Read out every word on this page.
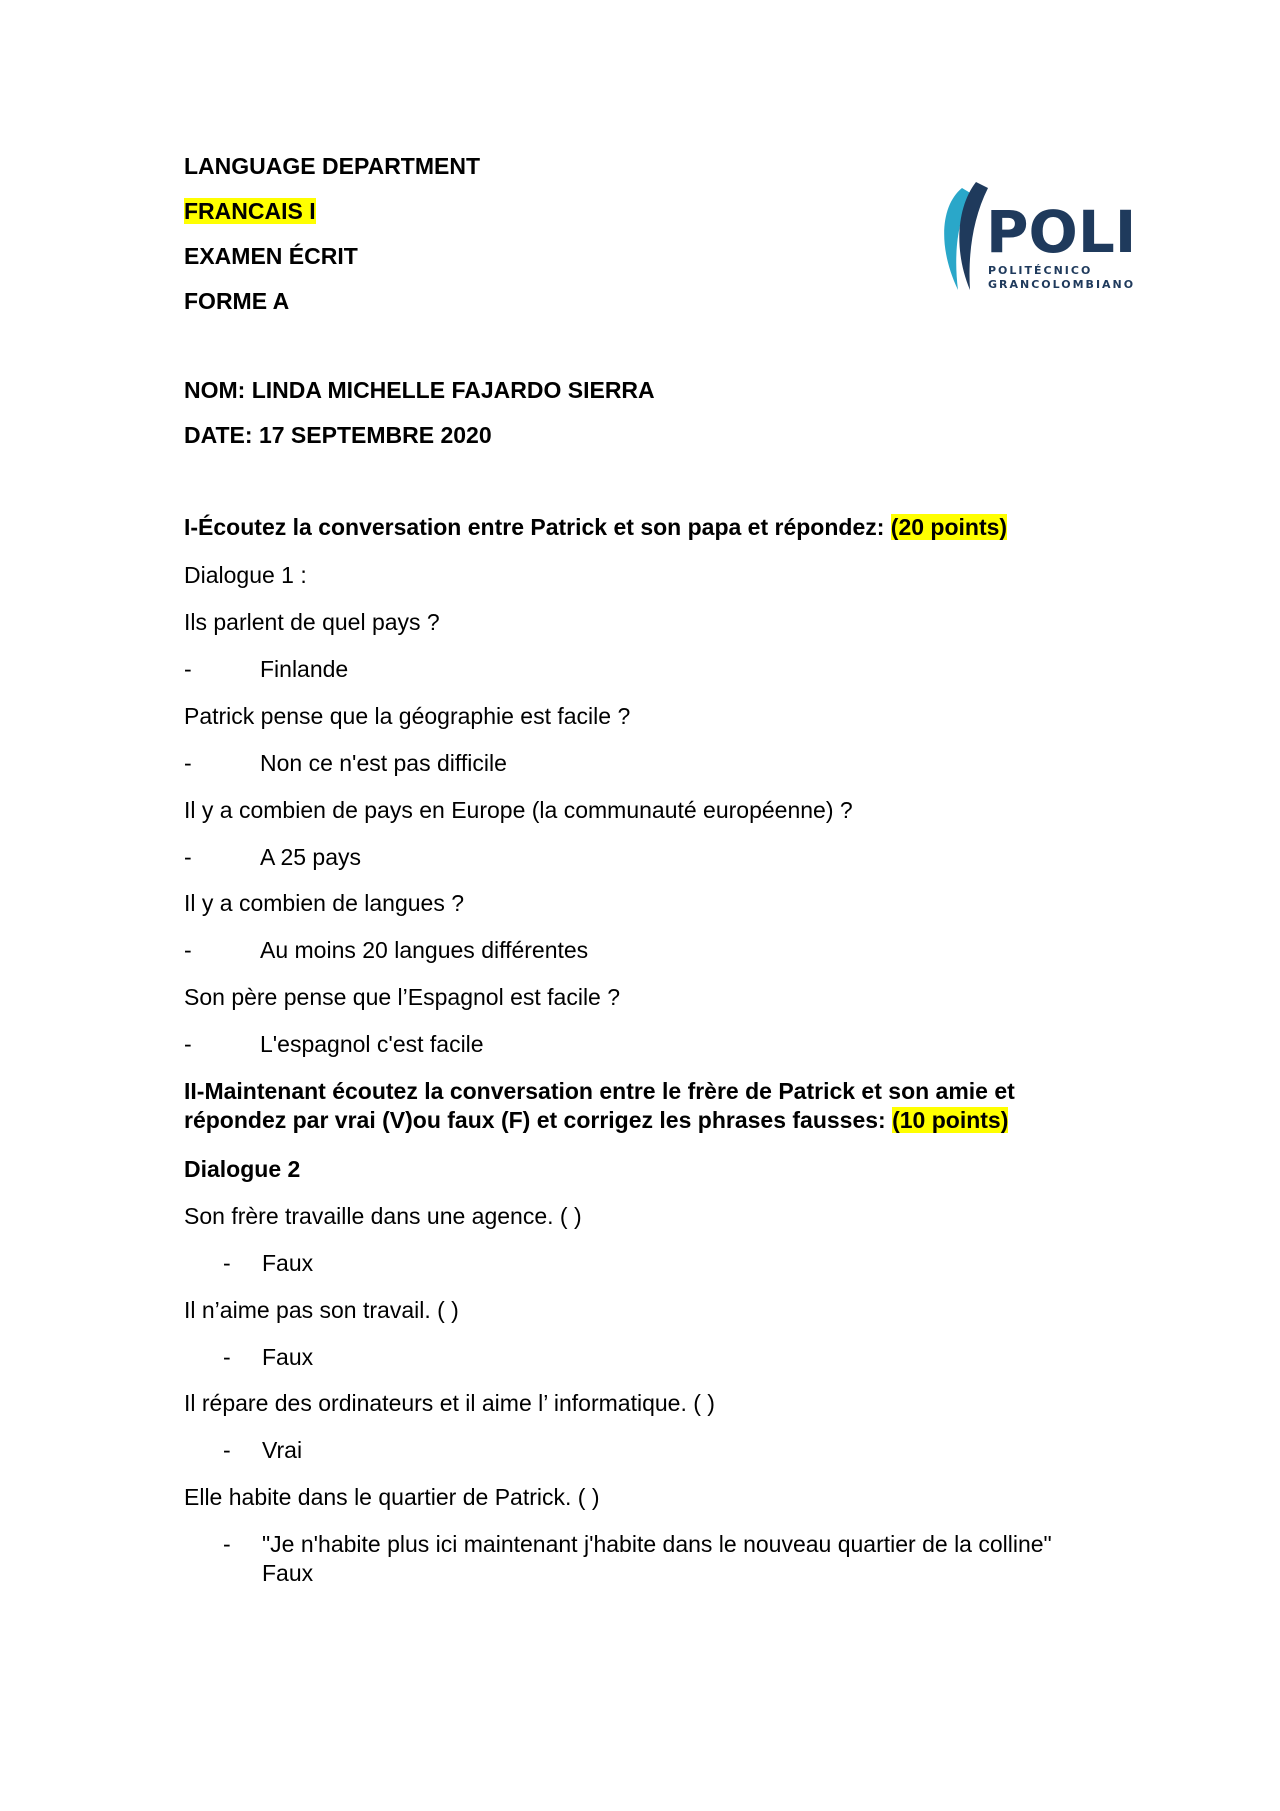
LANGUAGE DEPARTMENT
FRANCAIS I
EXAMEN ÉCRIT
FORME A
POLI
POLITÉCNICO
GRANCOLOMBIANO
NOM: LINDA MICHELLE FAJARDO SIERRA
DATE: 17 SEPTEMBRE 2020
I-Écoutez la conversation entre Patrick et son papa et répondez: (20 points)
Dialogue 1 :
Ils parlent de quel pays ?
-	Finlande
Patrick pense que la géographie est facile ?
-	Non ce n'est pas difficile
Il y a combien de pays en Europe (la communauté européenne) ?
-	A 25 pays
Il y a combien de langues ?
-	Au moins 20 langues différentes
Son père pense que l’Espagnol est facile ?
-	L'espagnol c'est facile
II-Maintenant écoutez la conversation entre le frère de Patrick et son amie et
répondez par vrai (V)ou faux (F) et corrigez les phrases fausses: (10 points)
Dialogue 2
Son frère travaille dans une agence. ( )
- Faux
Il n’aime pas son travail. ( )
- Faux
Il répare des ordinateurs et il aime l’ informatique. ( )
- Vrai
Elle habite dans le quartier de Patrick. ( )
- "Je n'habite plus ici maintenant j'habite dans le nouveau quartier de la colline"
Faux
